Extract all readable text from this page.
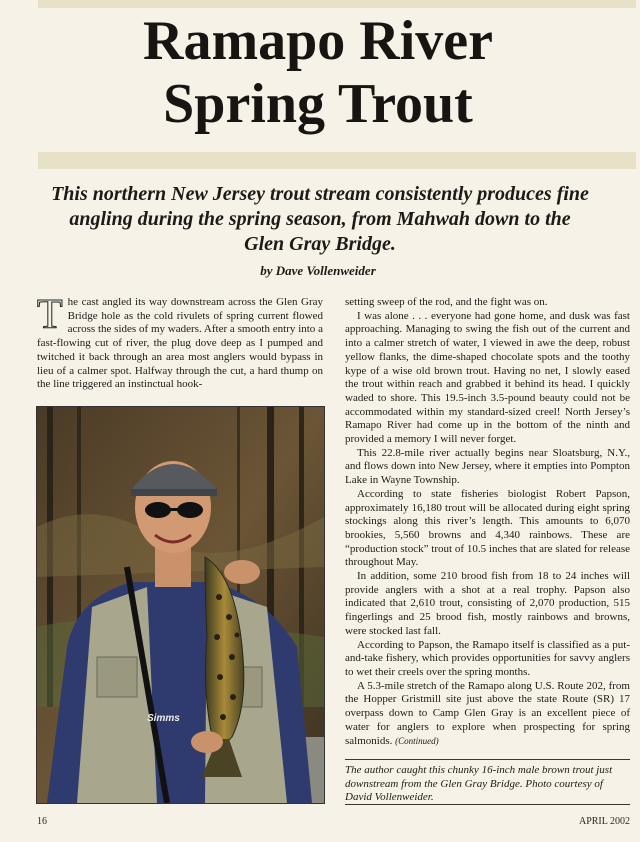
Ramapo River
Spring Trout

This northern New Jersey trout stream consistently produces fine angling during the spring season, from Mahwah down to the Glen Gray Bridge.

by Dave Vollenweider

The cast angled its way downstream across the Glen Gray Bridge hole as the cold rivulets of spring current flowed across the sides of my waders. After a smooth entry into a fast-flowing cut of river, the plug dove deep as I pumped and twitched it back through an area most anglers would bypass in lieu of a calmer spot. Halfway through the cut, a hard thump on the line triggered an instinctual hook-

Simms

setting sweep of the rod, and the fight was on.

I was alone . . . everyone had gone home, and dusk was fast approaching. Managing to swing the fish out of the current and into a calmer stretch of water, I viewed in awe the deep, robust yellow flanks, the dime-shaped chocolate spots and the toothy kype of a wise old brown trout. Having no net, I slowly eased the trout within reach and grabbed it behind its head. I quickly waded to shore. This 19.5-inch 3.5-pound beauty could not be accommodated within my standard-sized creel! North Jersey’s Ramapo River had come up in the bottom of the ninth and provided a memory I will never forget.

This 22.8-mile river actually begins near Sloatsburg, N.Y., and flows down into New Jersey, where it empties into Pompton Lake in Wayne Township.

According to state fisheries biologist Robert Papson, approximately 16,180 trout will be allocated during eight spring stockings along this river’s length. This amounts to 6,070 brookies, 5,560 browns and 4,340 rainbows. These are “production stock” trout of 10.5 inches that are slated for release throughout May.

In addition, some 210 brood fish from 18 to 24 inches will provide anglers with a shot at a real trophy. Papson also indicated that 2,610 trout, consisting of 2,070 production, 515 fingerlings and 25 brood fish, mostly rainbows and browns, were stocked last fall.

According to Papson, the Ramapo itself is classified as a put-and-take fishery, which provides opportunities for savvy anglers to wet their creels over the spring months.

A 5.3-mile stretch of the Ramapo along U.S. Route 202, from the Hopper Gristmill site just above the state Route (SR) 17 overpass down to Camp Glen Gray is an excellent piece of water for anglers to explore when prospecting for spring salmonids. (Continued)

The author caught this chunky 16-inch male brown trout just downstream from the Glen Gray Bridge. Photo courtesy of David Vollenweider.

16	APRIL 2002
